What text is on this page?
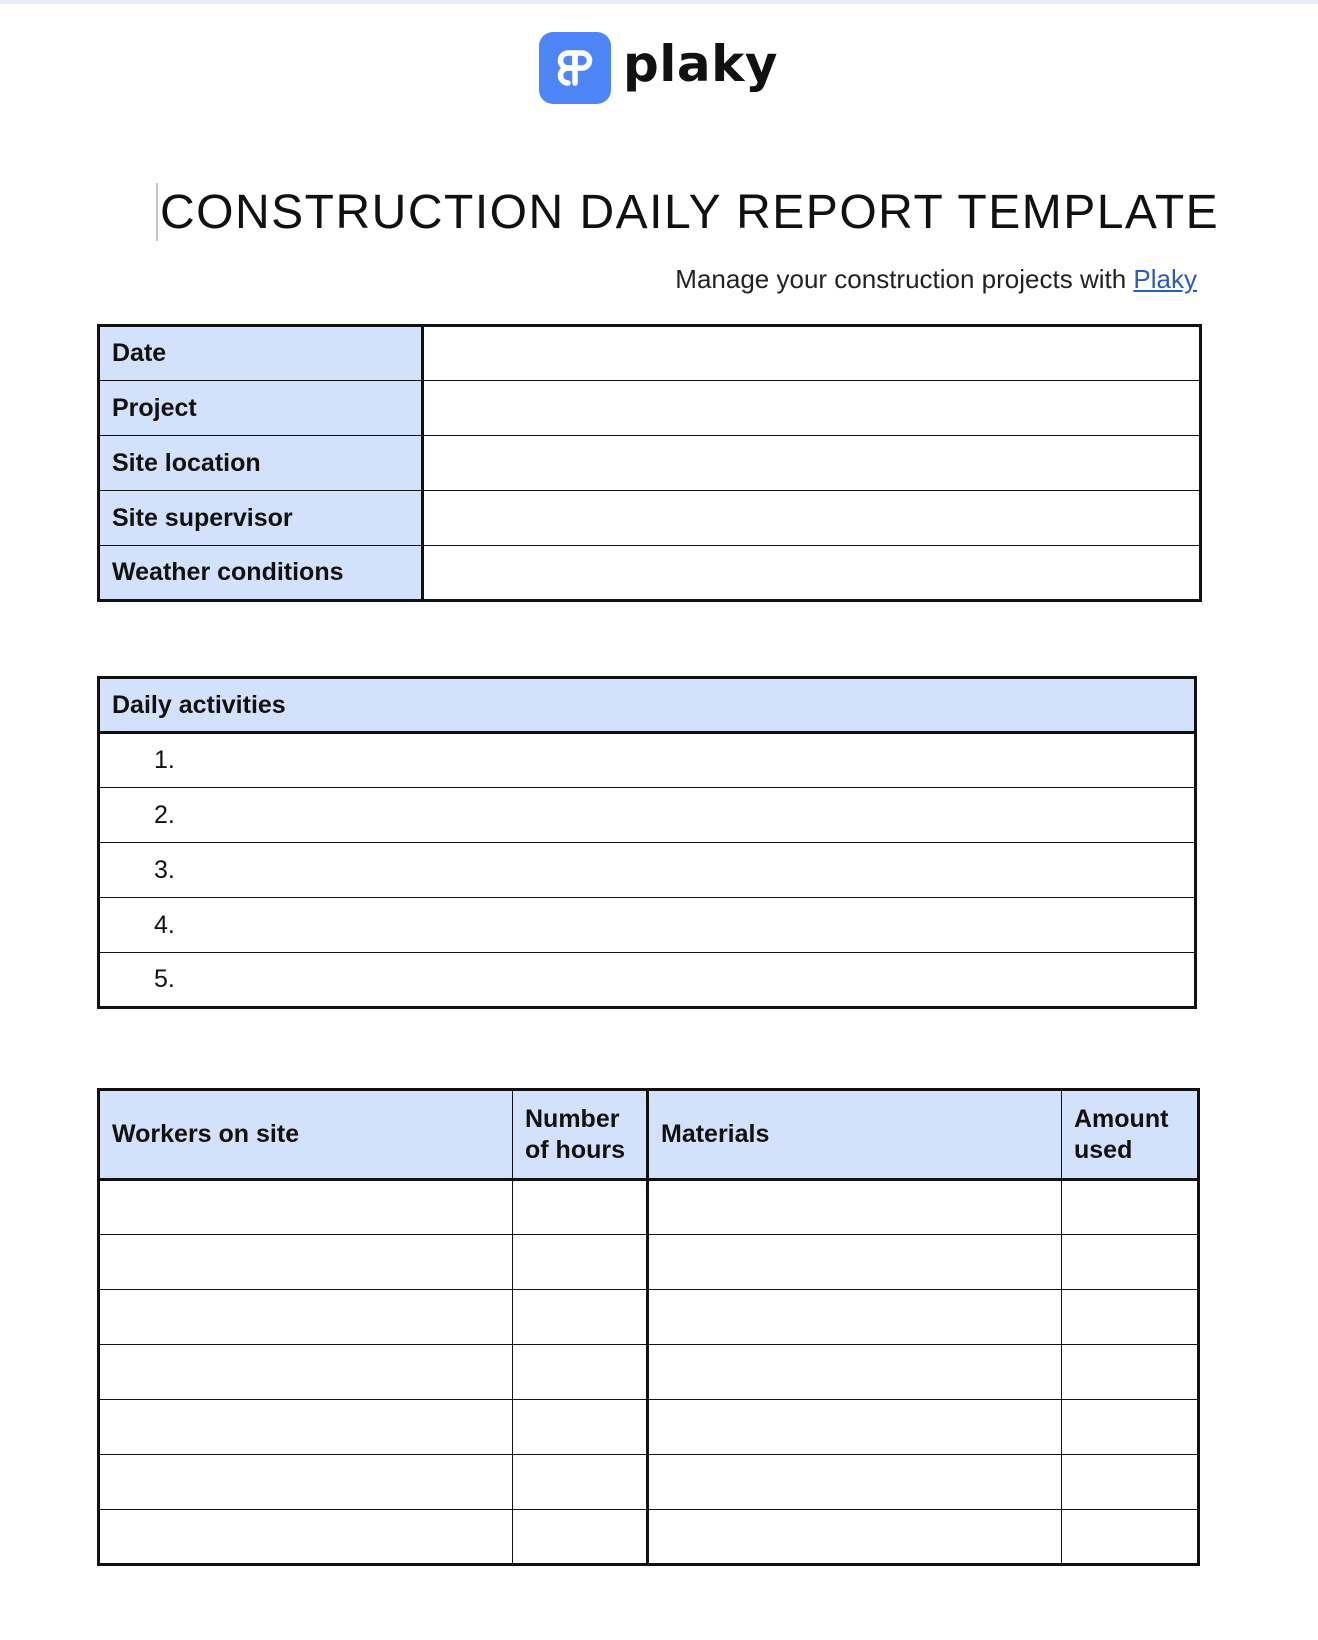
plaky
CONSTRUCTION DAILY REPORT TEMPLATE
Manage your construction projects with Plaky
Date	
Project	
Site location	
Site supervisor	
Weather conditions	
Daily activities
1.
2.
3.
4.
5.
Workers on site	Number of hours	Materials	Amount used
